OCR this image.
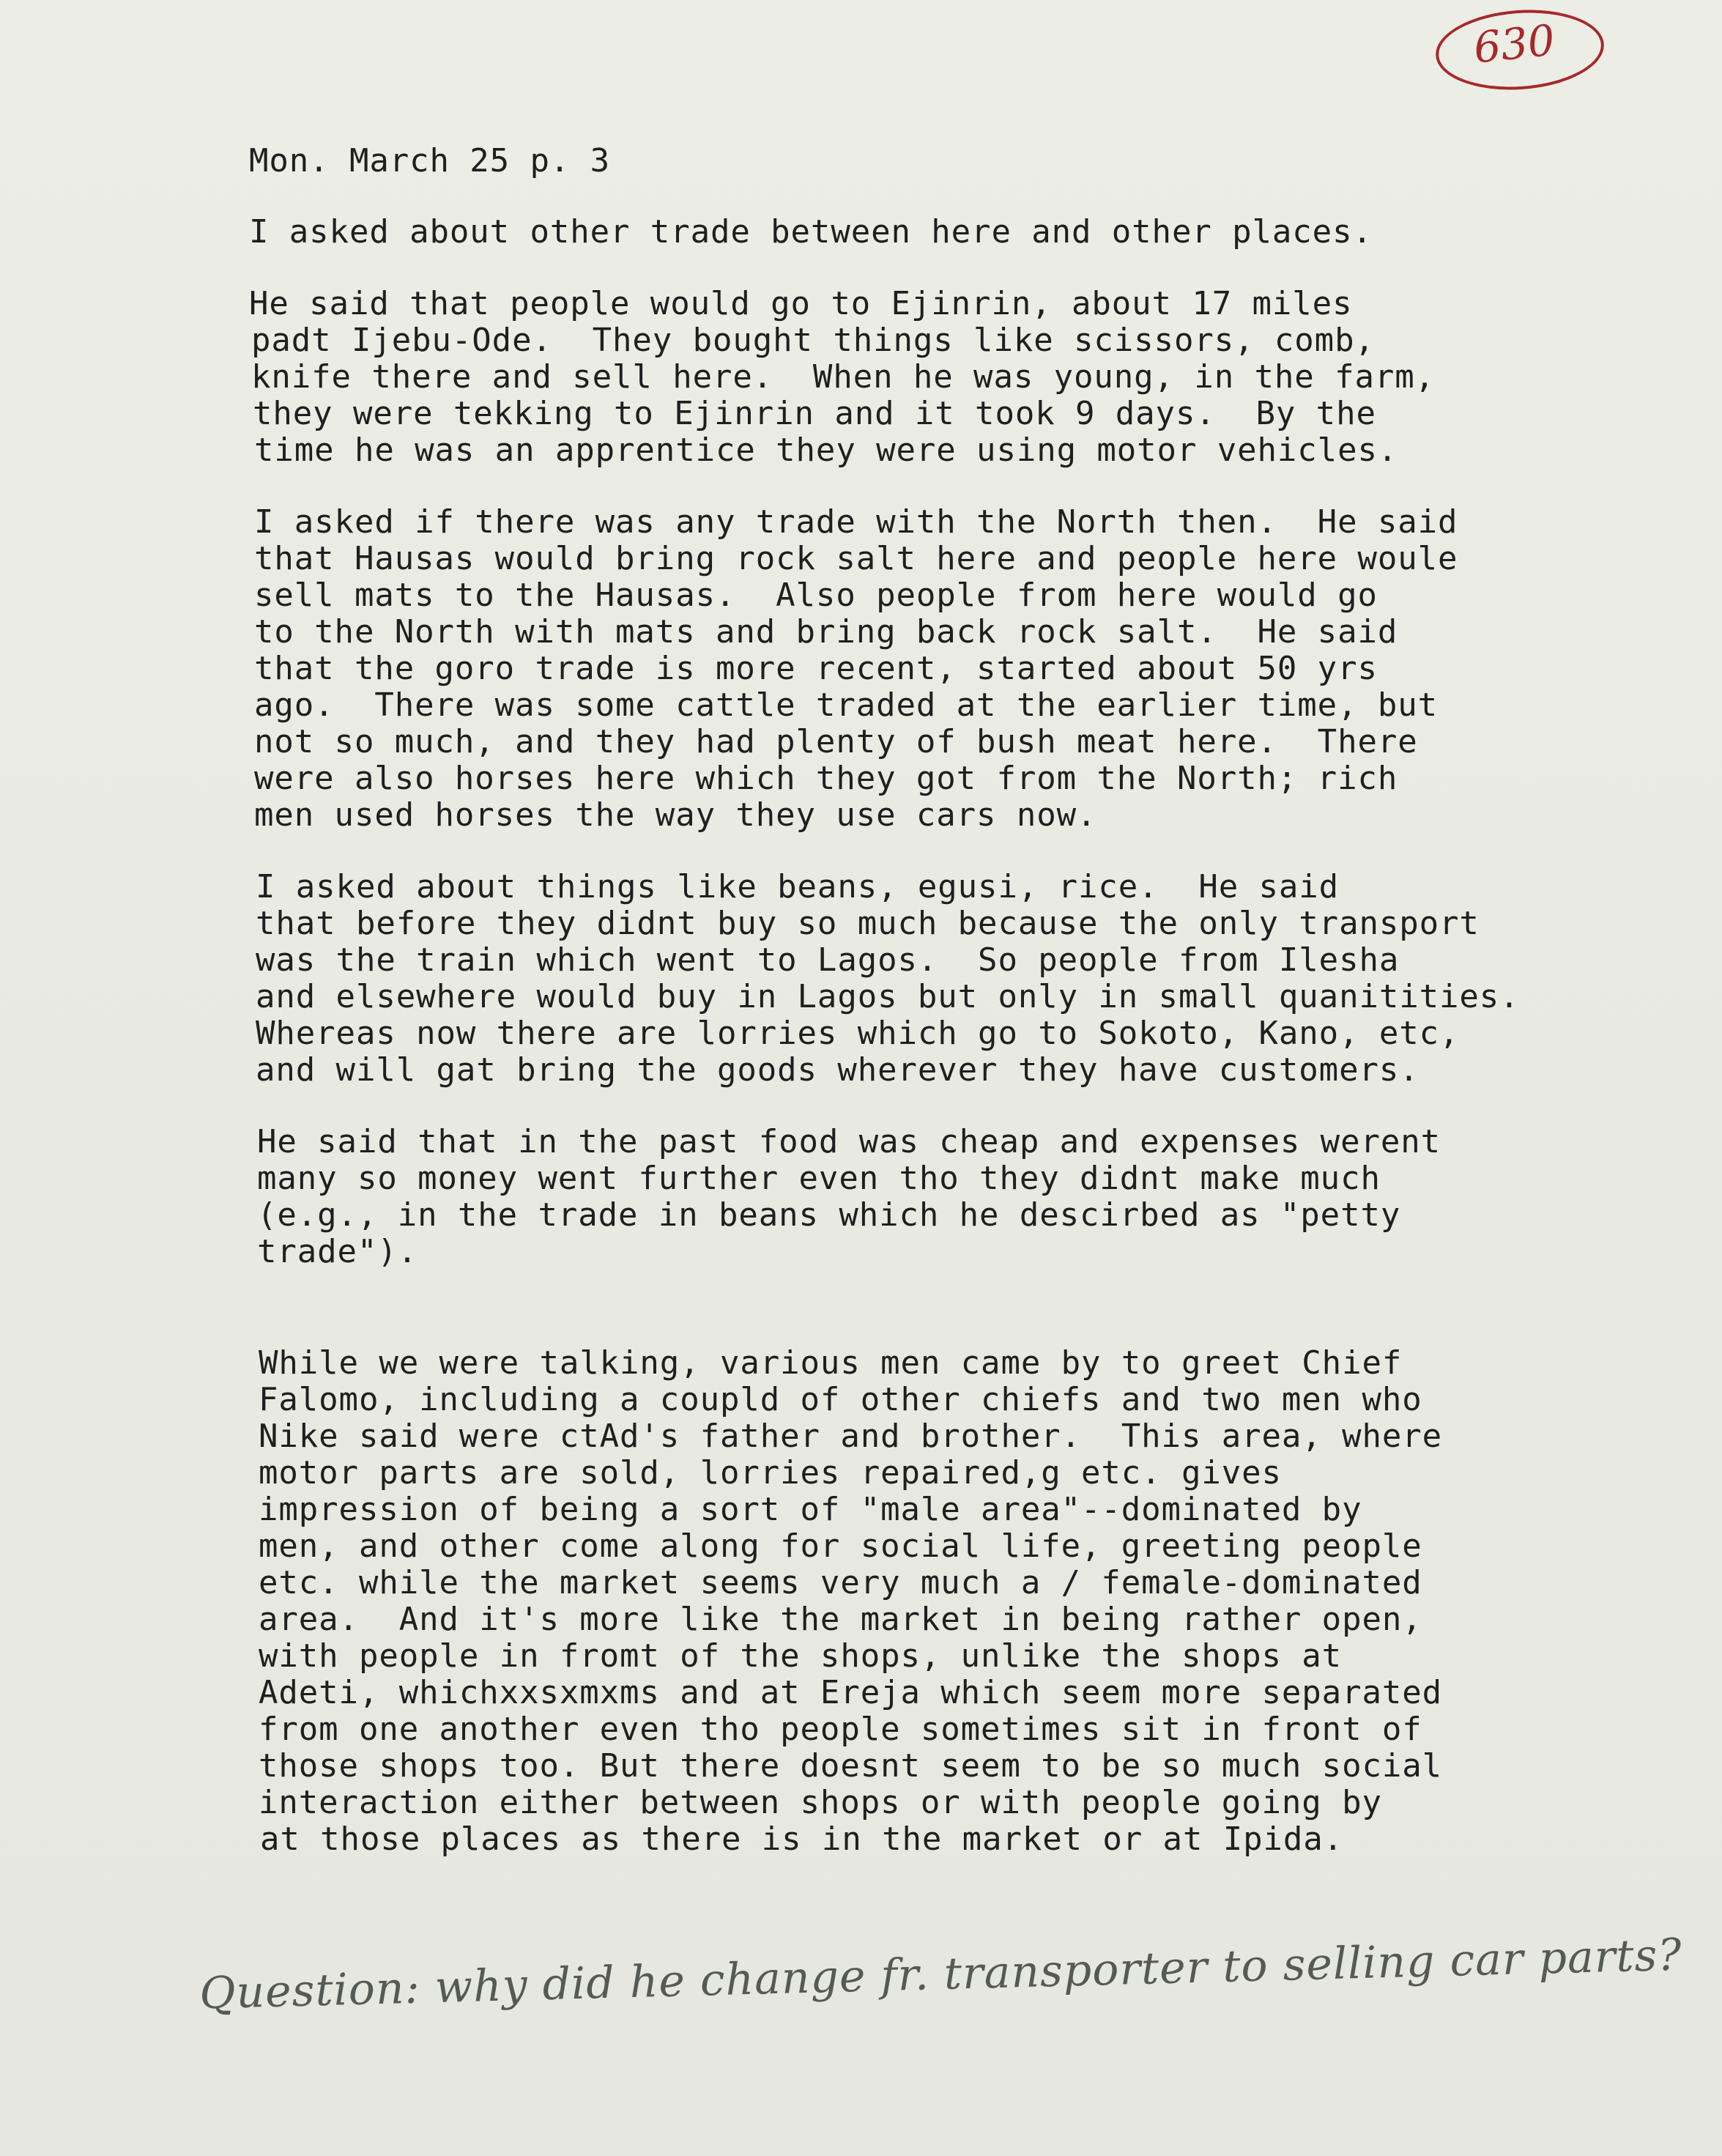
630
Mon. March 25 p. 3
I asked about other trade between here and other places.
He said that people would go to Ejinrin, about 17 miles
padt Ijebu-Ode.  They bought things like scissors, comb,
knife there and sell here.  When he was young, in the farm,
they were tekking to Ejinrin and it took 9 days.  By the
time he was an apprentice they were using motor vehicles.
I asked if there was any trade with the North then.  He said
that Hausas would bring rock salt here and people here woule
sell mats to the Hausas.  Also people from here would go
to the North with mats and bring back rock salt.  He said
that the goro trade is more recent, started about 50 yrs
ago.  There was some cattle traded at the earlier time, but
not so much, and they had plenty of bush meat here.  There
were also horses here which they got from the North; rich
men used horses the way they use cars now.
I asked about things like beans, egusi, rice.  He said
that before they didnt buy so much because the only transport
was the train which went to Lagos.  So people from Ilesha
and elsewhere would buy in Lagos but only in small quanitities.
Whereas now there are lorries which go to Sokoto, Kano, etc,
and will gat bring the goods wherever they have customers.
He said that in the past food was cheap and expenses werent
many so money went further even tho they didnt make much
(e.g., in the trade in beans which he descirbed as "petty
trade").
While we were talking, various men came by to greet Chief
Falomo, including a coupld of other chiefs and two men who
Nike said were ctAd's father and brother.  This area, where
motor parts are sold, lorries repaired,g etc. gives
impression of being a sort of "male area"--dominated by
men, and other come along for social life, greeting people
etc. while the market seems very much a / female-dominated
area.  And it's more like the market in being rather open,
with people in fromt of the shops, unlike the shops at
Adeti, whichxxsxmxms and at Ereja which seem more separated
from one another even tho people sometimes sit in front of
those shops too. But there doesnt seem to be so much social
interaction either between shops or with people going by
at those places as there is in the market or at Ipida.
Question: why did he change fr. transporter to selling car parts?
